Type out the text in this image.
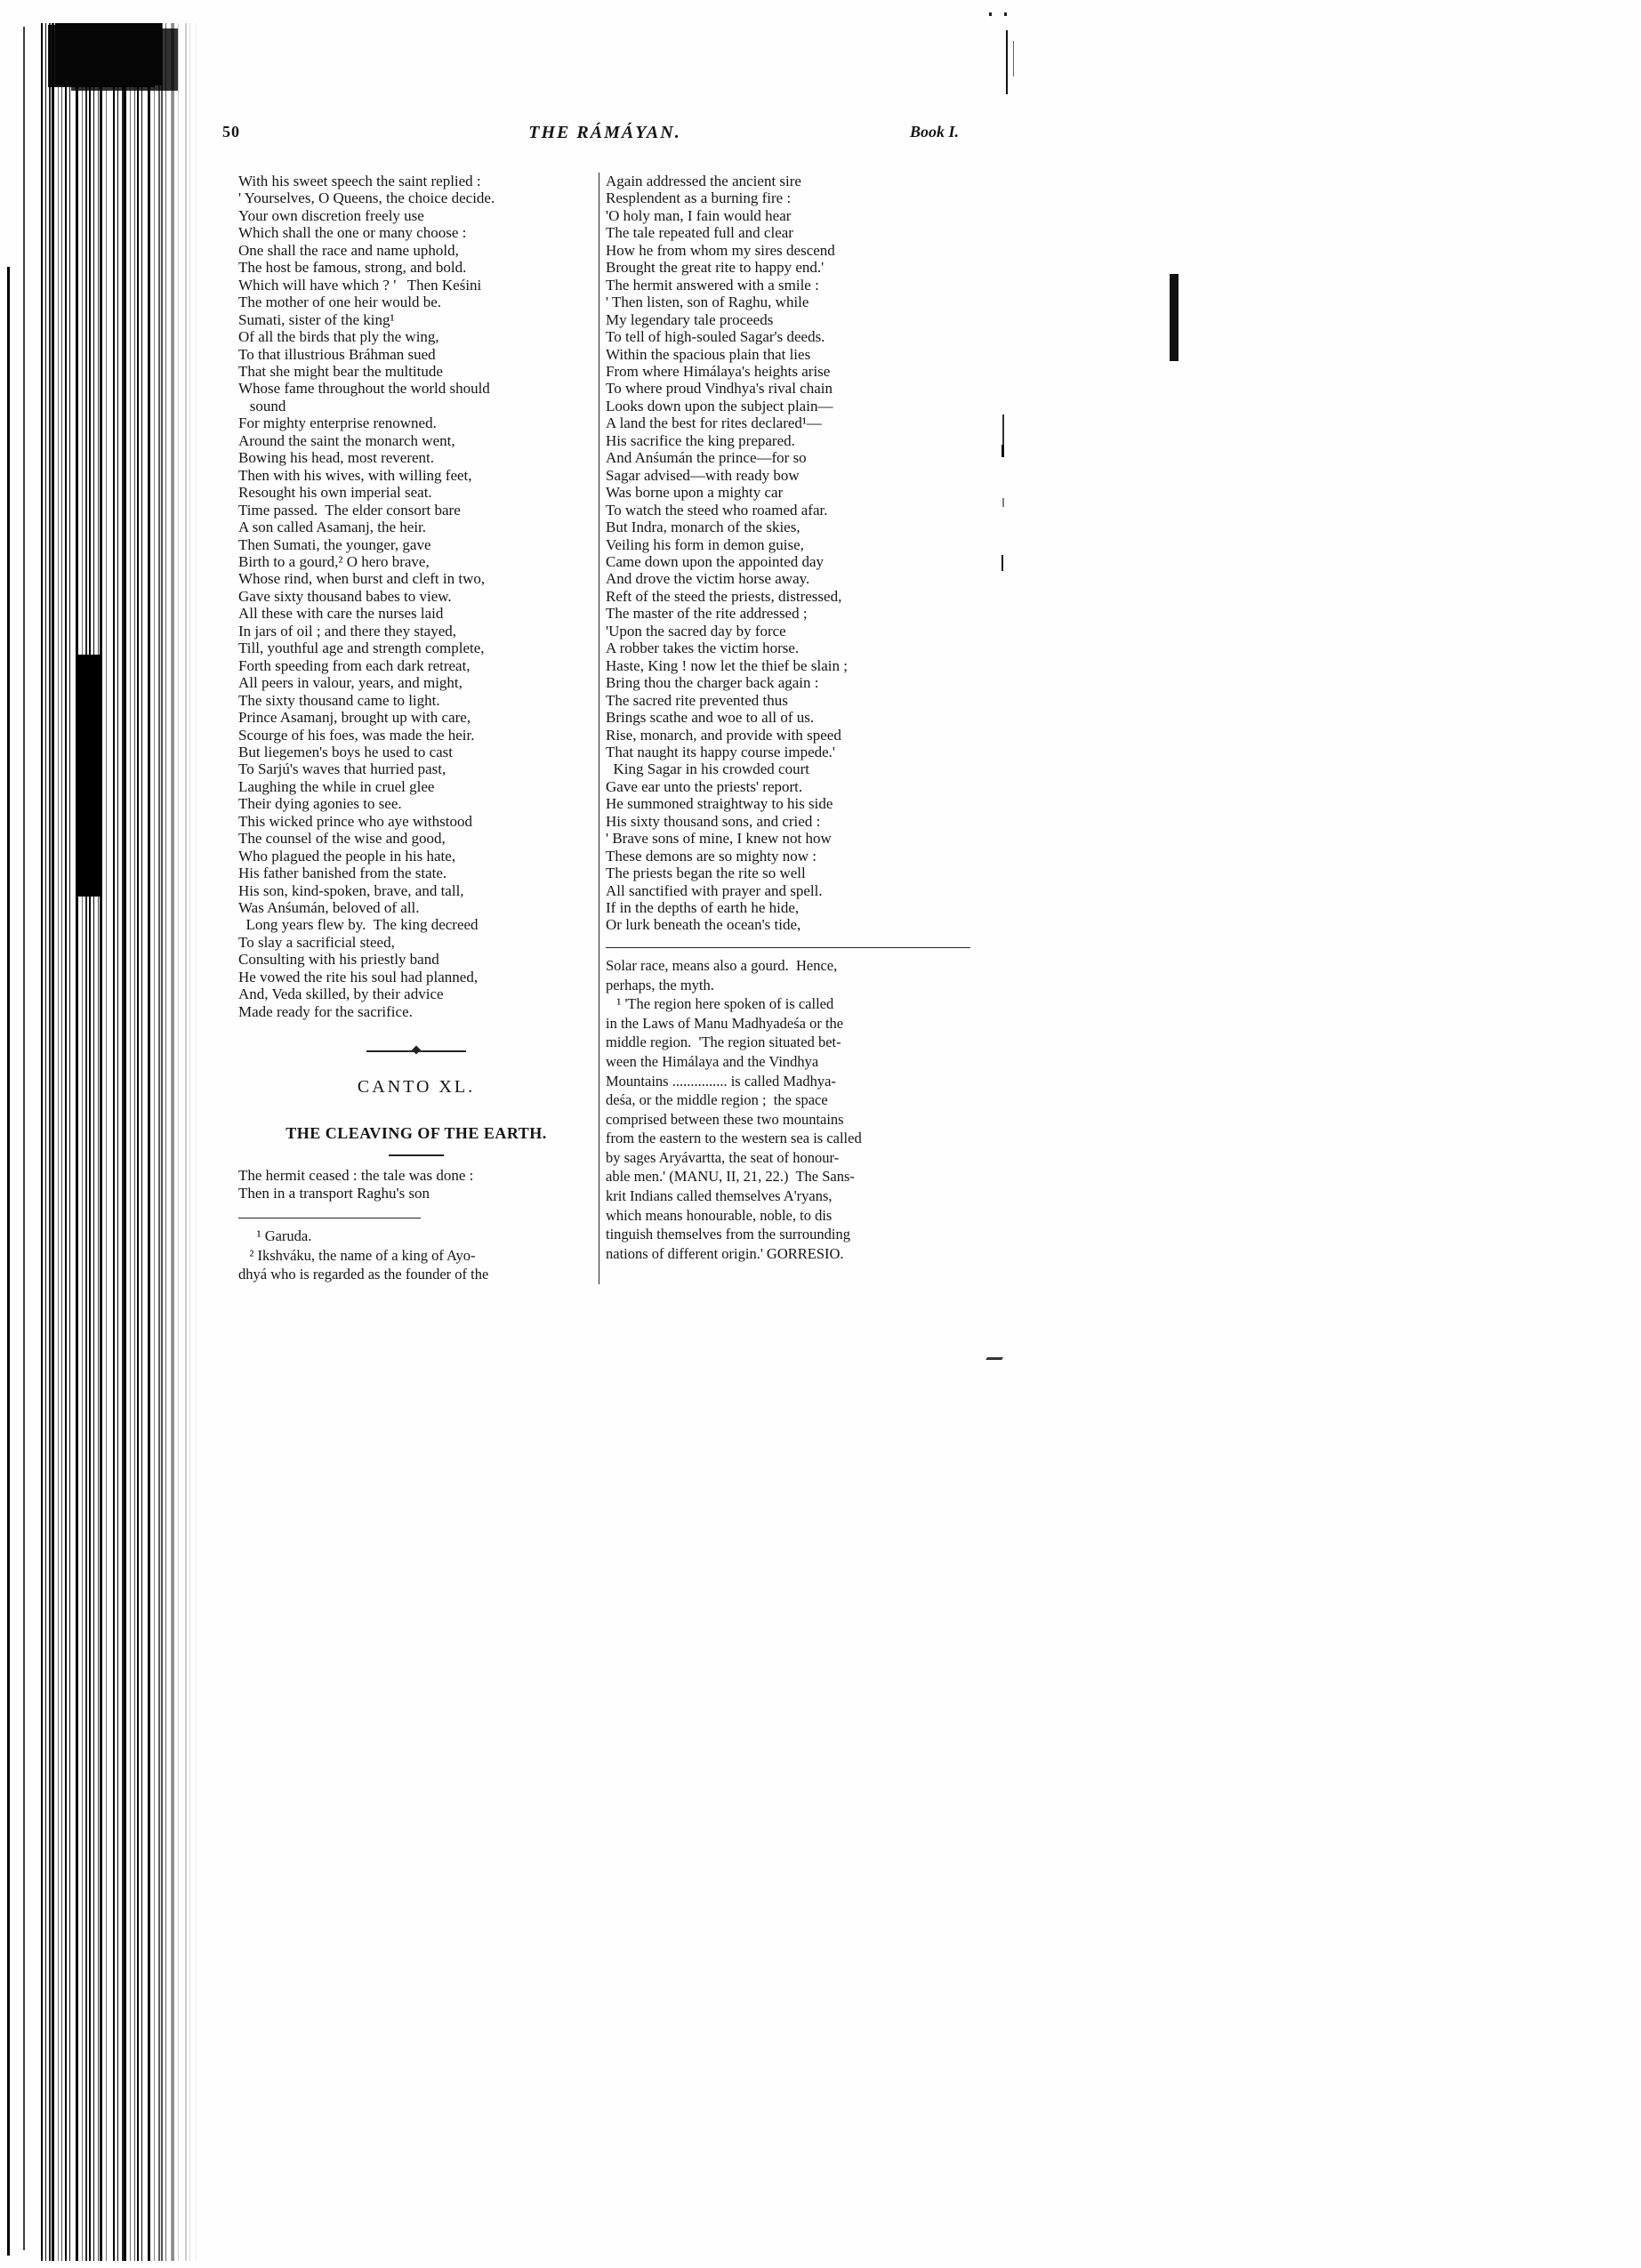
50	THE RÁMÁYAN.	Book I.
With his sweet speech the saint replied :
' Yourselves, O Queens, the choice decide.
Your own discretion freely use
Which shall the one or many choose :
One shall the race and name uphold,
The host be famous, strong, and bold.
Which will have which ? '   Then Keśini
The mother of one heir would be.
Sumati, sister of the king¹
Of all the birds that ply the wing,
To that illustrious Bráhman sued
That she might bear the multitude
Whose fame throughout the world should
sound
For mighty enterprise renowned.
Around the saint the monarch went,
Bowing his head, most reverent.
Then with his wives, with willing feet,
Resought his own imperial seat.
Time passed.  The elder consort bare
A son called Asamanj, the heir.
Then Sumati, the younger, gave
Birth to a gourd,² O hero brave,
Whose rind, when burst and cleft in two,
Gave sixty thousand babes to view.
All these with care the nurses laid
In jars of oil ; and there they stayed,
Till, youthful age and strength complete,
Forth speeding from each dark retreat,
All peers in valour, years, and might,
The sixty thousand came to light.
Prince Asamanj, brought up with care,
Scourge of his foes, was made the heir.
But liegemen's boys he used to cast
To Sarjú's waves that hurried past,
Laughing the while in cruel glee
Their dying agonies to see.
This wicked prince who aye withstood
The counsel of the wise and good,
Who plagued the people in his hate,
His father banished from the state.
His son, kind-spoken, brave, and tall,
Was Anśumán, beloved of all.
Long years flew by.  The king decreed
To slay a sacrificial steed,
Consulting with his priestly band
He vowed the rite his soul had planned,
And, Veda skilled, by their advice
Made ready for the sacrifice.
CANTO XL.
THE CLEAVING OF THE EARTH.
The hermit ceased : the tale was done :
Then in a transport Raghu's son
¹ Garuda.
² Ikshváku, the name of a king of Ayo-
dhyá who is regarded as the founder of the
Again addressed the ancient sire
Resplendent as a burning fire :
'O holy man, I fain would hear
The tale repeated full and clear
How he from whom my sires descend
Brought the great rite to happy end.'
The hermit answered with a smile :
' Then listen, son of Raghu, while
My legendary tale proceeds
To tell of high-souled Sagar's deeds.
Within the spacious plain that lies
From where Himálaya's heights arise
To where proud Vindhya's rival chain
Looks down upon the subject plain—
A land the best for rites declared¹—
His sacrifice the king prepared.
And Anśumán the prince—for so
Sagar advised—with ready bow
Was borne upon a mighty car
To watch the steed who roamed afar.
But Indra, monarch of the skies,
Veiling his form in demon guise,
Came down upon the appointed day
And drove the victim horse away.
Reft of the steed the priests, distressed,
The master of the rite addressed ;
'Upon the sacred day by force
A robber takes the victim horse.
Haste, King ! now let the thief be slain ;
Bring thou the charger back again :
The sacred rite prevented thus
Brings scathe and woe to all of us.
Rise, monarch, and provide with speed
That naught its happy course impede.'
King Sagar in his crowded court
Gave ear unto the priests' report.
He summoned straightway to his side
His sixty thousand sons, and cried :
' Brave sons of mine, I knew not how
These demons are so mighty now :
The priests began the rite so well
All sanctified with prayer and spell.
If in the depths of earth he hide,
Or lurk beneath the ocean's tide,
Solar race, means also a gourd.  Hence,
perhaps, the myth.
¹ 'The region here spoken of is called
in the Laws of Manu Madhyadeśa or the
middle region.  'The region situated bet-
ween the Himálaya and the Vindhya
Mountains ............... is called Madhya-
deśa, or the middle region ;  the space
comprised between these two mountains
from the eastern to the western sea is called
by sages Aryávartta, the seat of honour-
able men.' (MANU, II, 21, 22.)  The Sans-
krit Indians called themselves A'ryans,
which means honourable, noble, to dis
tinguish themselves from the surrounding
nations of different origin.' GORRESIO.
